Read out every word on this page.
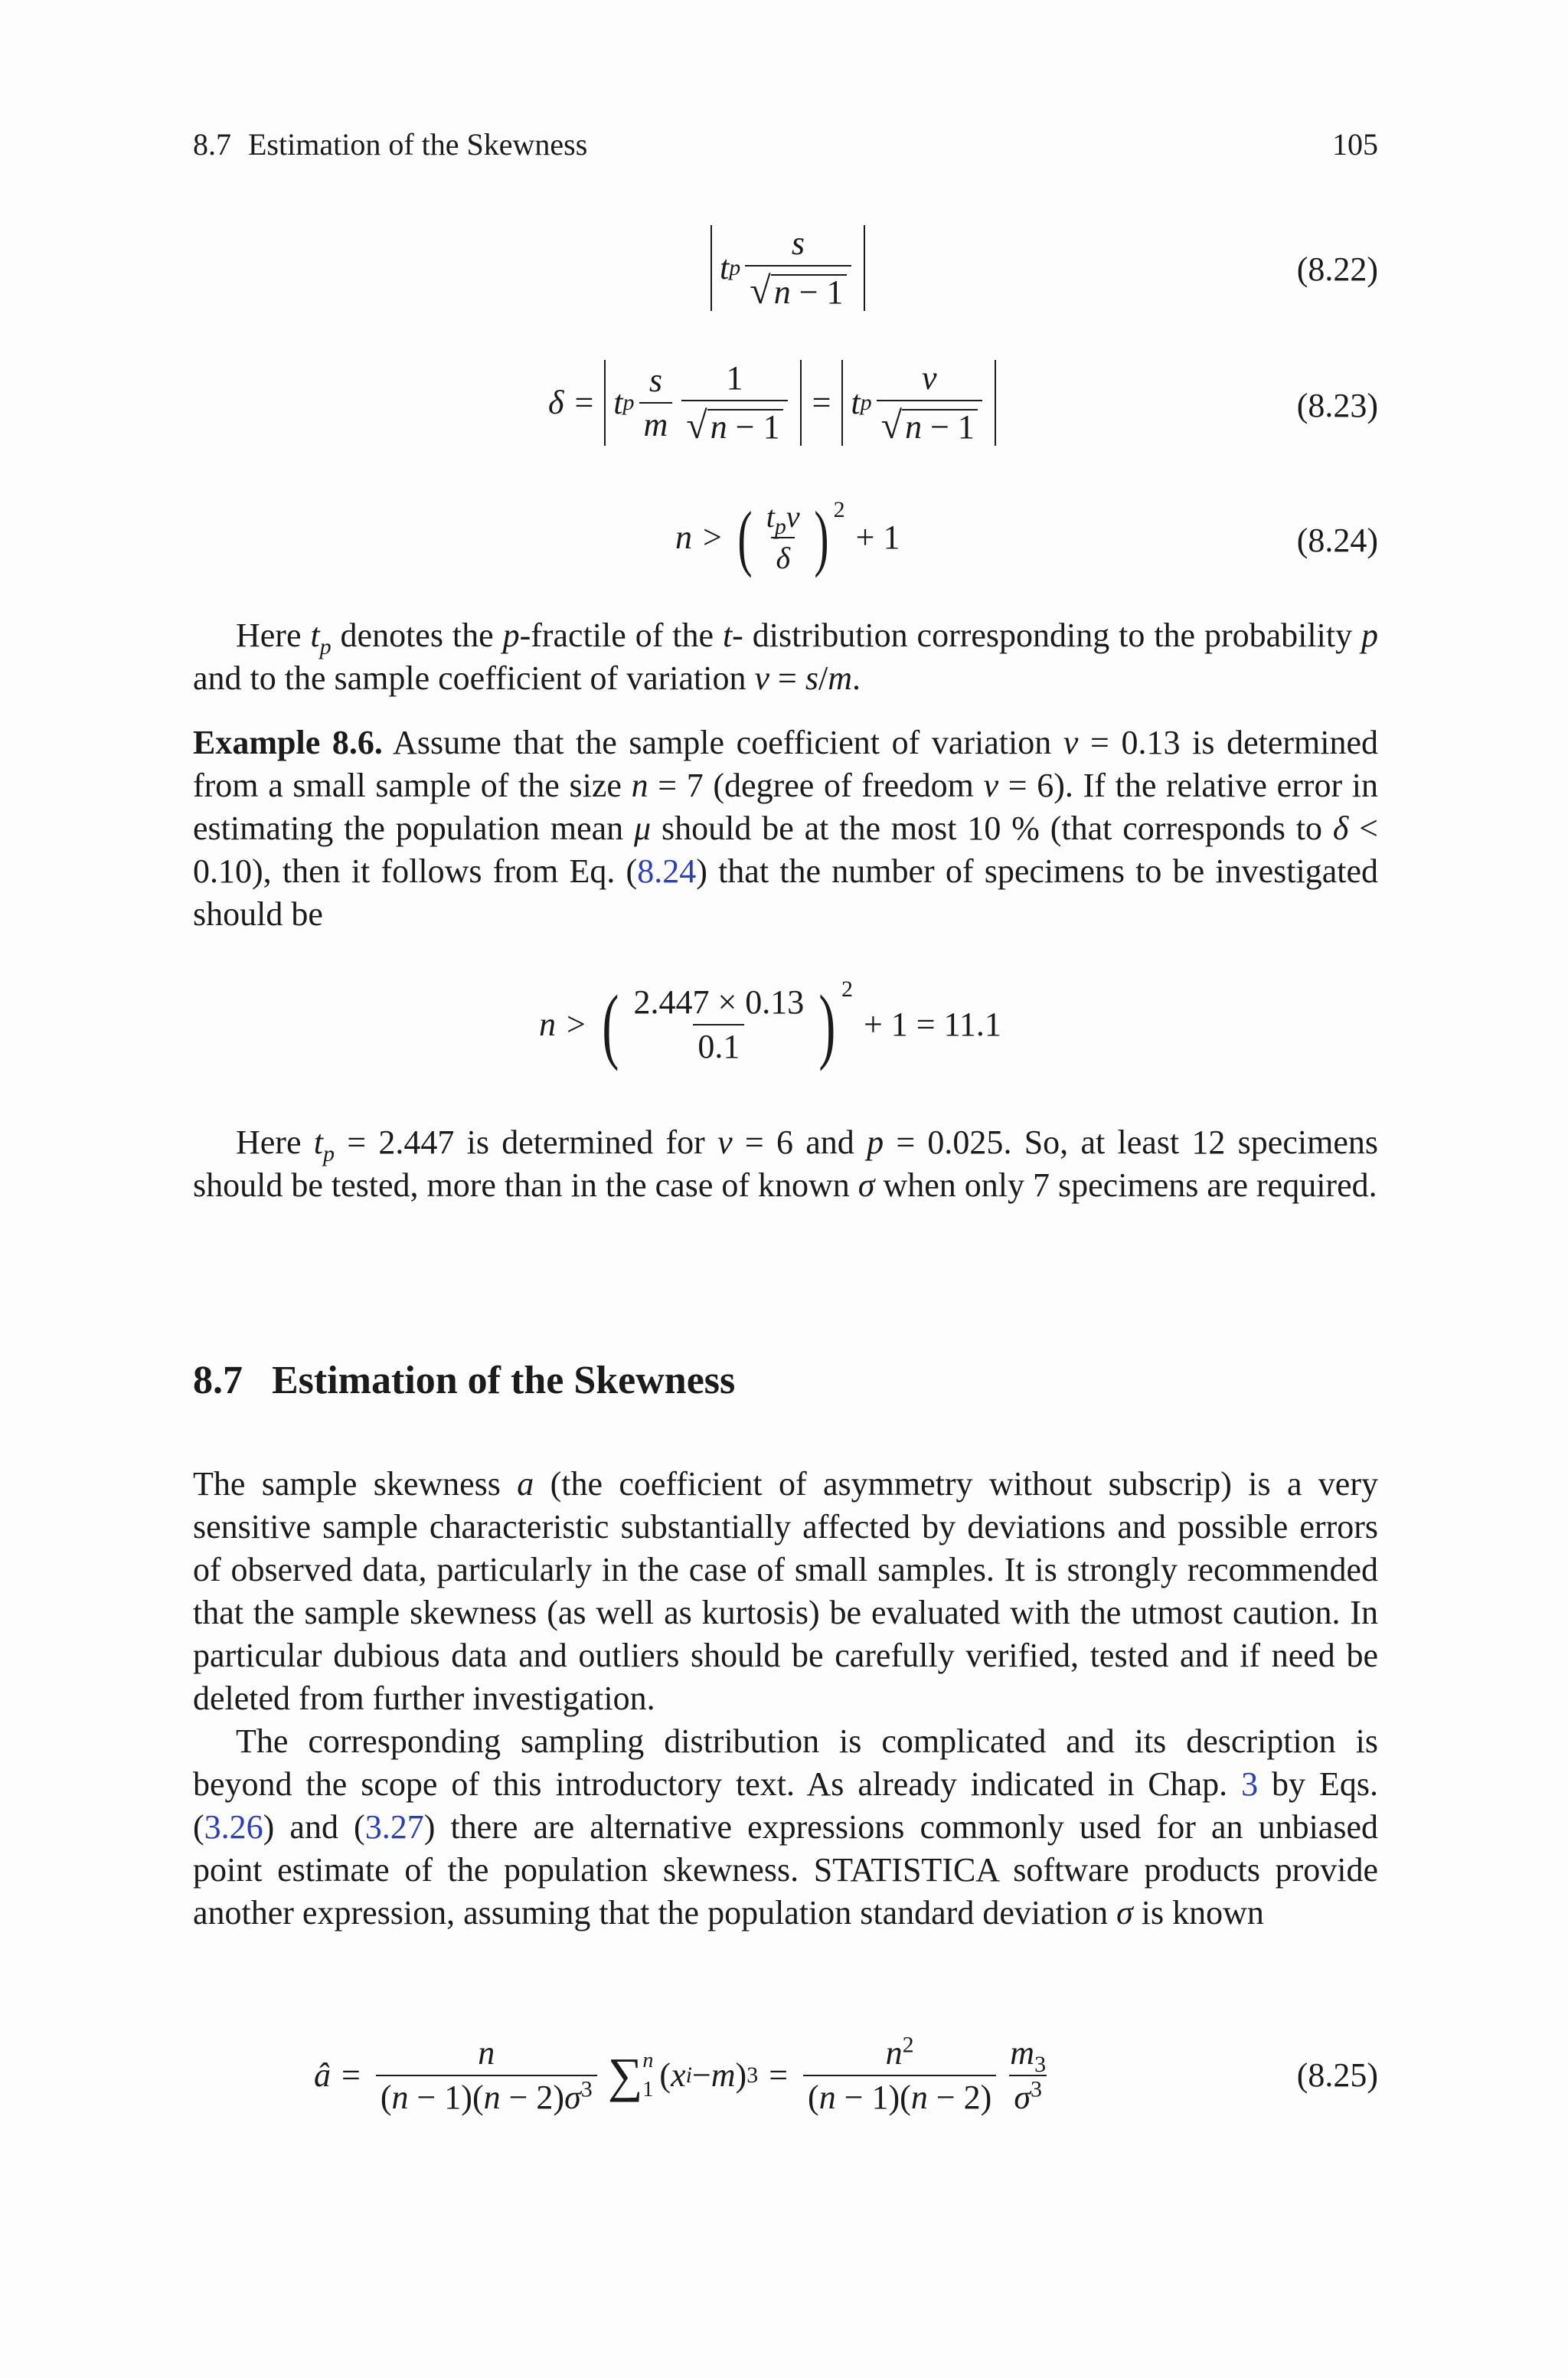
8.7 Estimation of the Skewness	105
t p $\frac{s}{√ n - 1}$	(8.22)
δ = t p $\frac{s}{m} \frac{1}{√ n - 1} = t$ p $\frac{v}{√ n - 1}$	(8.23)
n > ( $\frac{t_pv}{\delta} )^2$
+ 1	(8.24)

Here $t_p$ denotes the p-fractile of the t- distribution corresponding to the probability p and to the sample coefficient of variation v = s/m.

Example 8.6. Assume that the sample coefficient of variation v = 0.13 is determined from a small sample of the size n = 7 (degree of freedom ν = 6). If the relative error in estimating the population mean μ should be at the most 10 % (that corresponds to δ < 0.10), then it follows from Eq. (8.24) that the number of specimens to be investigated should be

n > ( $\frac{2.447 \times 0.13}{0.1} )^2$
+ 1 = 11.1

Here $t_p = 2.447$ is determined for ν = 6 and p = 0.025. So, at least 12 specimens should be tested, more than in the case of known σ when only 7 specimens are required.

8.7 Estimation of the Skewness

The sample skewness a (the coefficient of asymmetry without subscrip) is a very sensitive sample characteristic substantially affected by deviations and possible errors of observed data, particularly in the case of small samples. It is strongly recommended that the sample skewness (as well as kurtosis) be evaluated with the utmost caution. In particular dubious data and outliers should be carefully verified, tested and if need be deleted from further investigation.

The corresponding sampling distribution is complicated and its description is beyond the scope of this introductory text. As already indicated in Chap. 3 by Eqs. (3.26) and (3.27) there are alternative expressions commonly used for an unbiased point estimate of the population skewness. STATISTICA software products provide another expression, assuming that the population standard deviation σ is known

â = $\frac{n}{(n - 1)(n - 2)\sigma^3}$ ∑ n
1 ( x i − m ) $3 = \frac{n^2}{(n - 1)(n - 2)} \frac{m_3}{\sigma^3}$	(8.25)
